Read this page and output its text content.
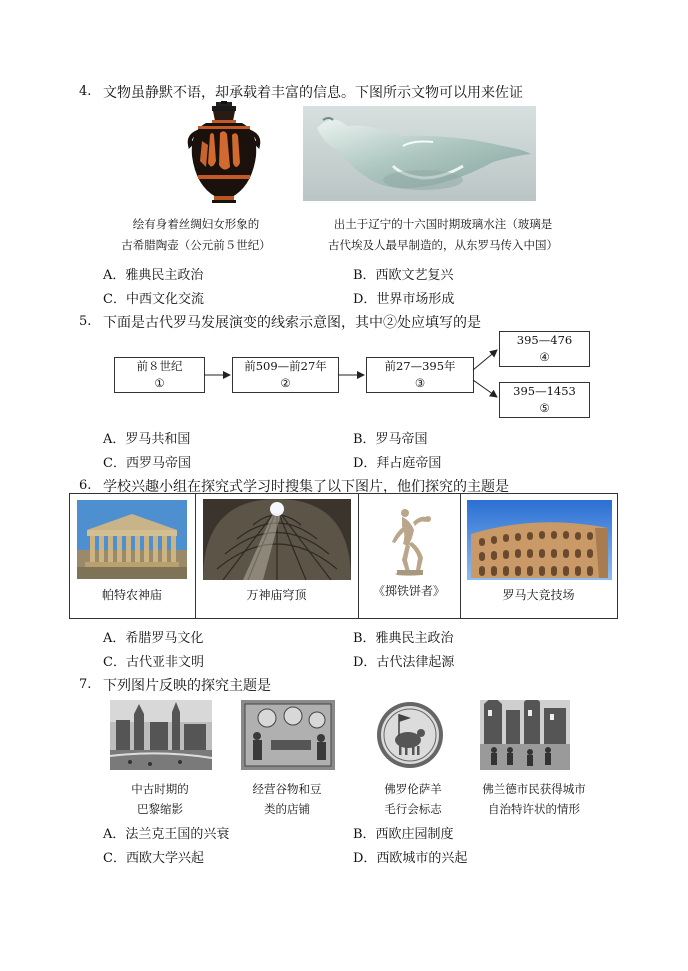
4. 文物虽静默不语，却承载着丰富的信息。下图所示文物可以用来佐证
绘有身着丝绸妇女形象的
古希腊陶壶（公元前５世纪）
出土于辽宁的十六国时期玻璃水注（玻璃是
古代埃及人最早制造的，从东罗马传入中国）
A．雅典民主政治	B．西欧文艺复兴
C．中西文化交流	D．世界市场形成
5. 下面是古代罗马发展演变的线索示意图，其中②处应填写的是
前８世纪
①
前509—前27年
②
前27—395年
③
395—476
④
395—1453
⑤
A．罗马共和国	B．罗马帝国
C．西罗马帝国	D．拜占庭帝国
6. 学校兴趣小组在探究式学习时搜集了以下图片，他们探究的主题是
帕特农神庙	万神庙穹顶	《掷铁饼者》	罗马大竞技场
A．希腊罗马文化	B．雅典民主政治
C．古代亚非文明	D．古代法律起源
7. 下列图片反映的探究主题是
中古时期的
巴黎缩影
经营谷物和豆
类的店铺
佛罗伦萨羊
毛行会标志
佛兰德市民获得城市
自治特许状的情形
A．法兰克王国的兴衰	B．西欧庄园制度
C．西欧大学兴起	D．西欧城市的兴起
